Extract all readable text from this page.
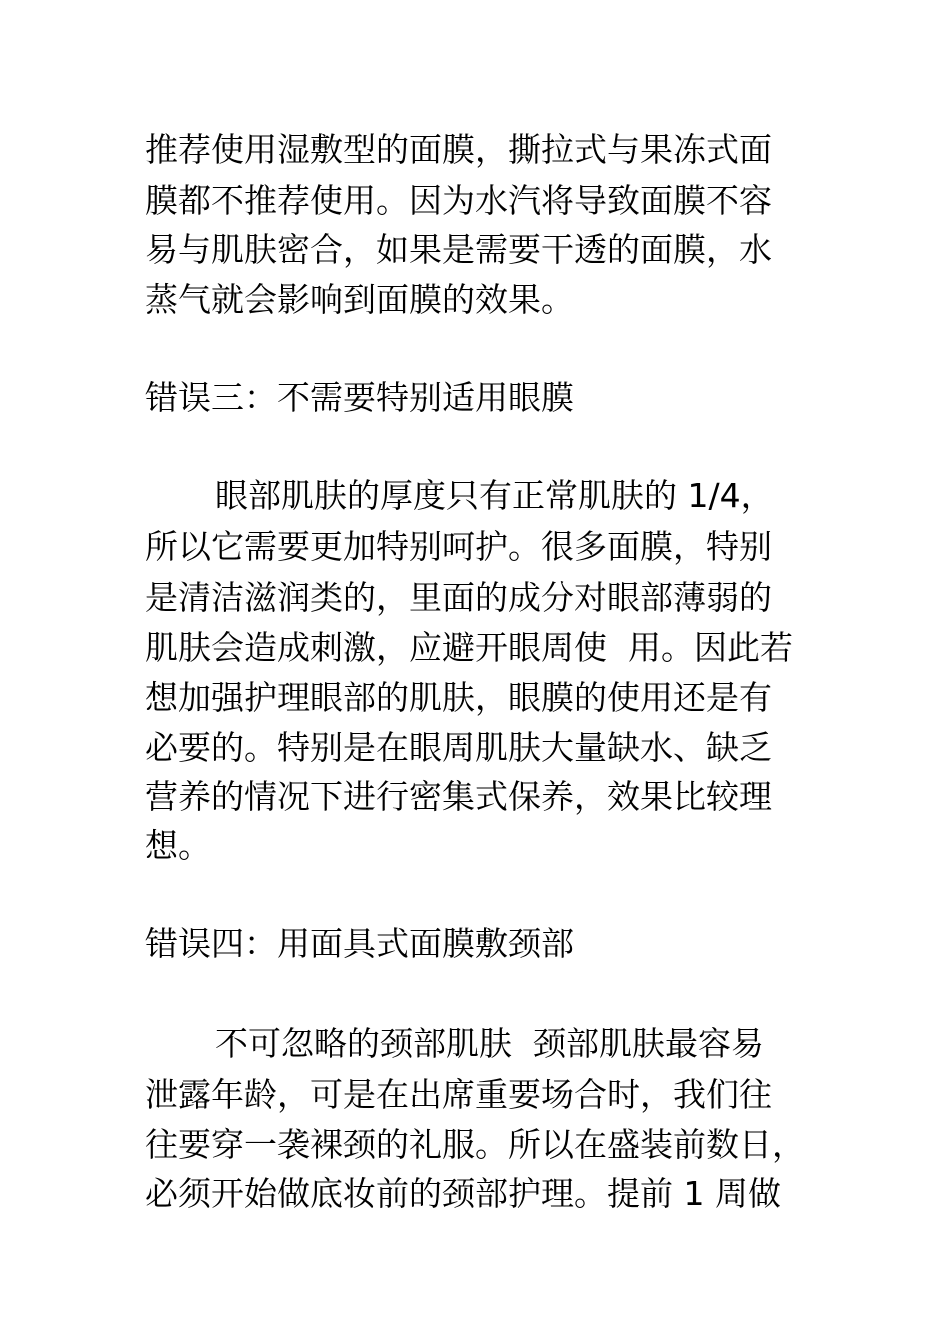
推荐使用湿敷型的面膜，撕拉式与果冻式面
膜都不推荐使用。因为水汽将导致面膜不容
易与肌肤密合，如果是需要干透的面膜，水
蒸气就会影响到面膜的效果。
错误三：不需要特别适用眼膜
眼部肌肤的厚度只有正常肌肤的 1/4，
所以它需要更加特别呵护。很多面膜，特别
是清洁滋润类的，里面的成分对眼部薄弱的
肌肤会造成刺激，应避开眼周使  用。因此若
想加强护理眼部的肌肤，眼膜的使用还是有
必要的。特别是在眼周肌肤大量缺水、缺乏
营养的情况下进行密集式保养，效果比较理
想。
错误四：用面具式面膜敷颈部
不可忽略的颈部肌肤  颈部肌肤最容易
泄露年龄，可是在出席重要场合时，我们往
往要穿一袭裸颈的礼服。所以在盛装前数日，
必须开始做底妆前的颈部护理。提前 1 周做
